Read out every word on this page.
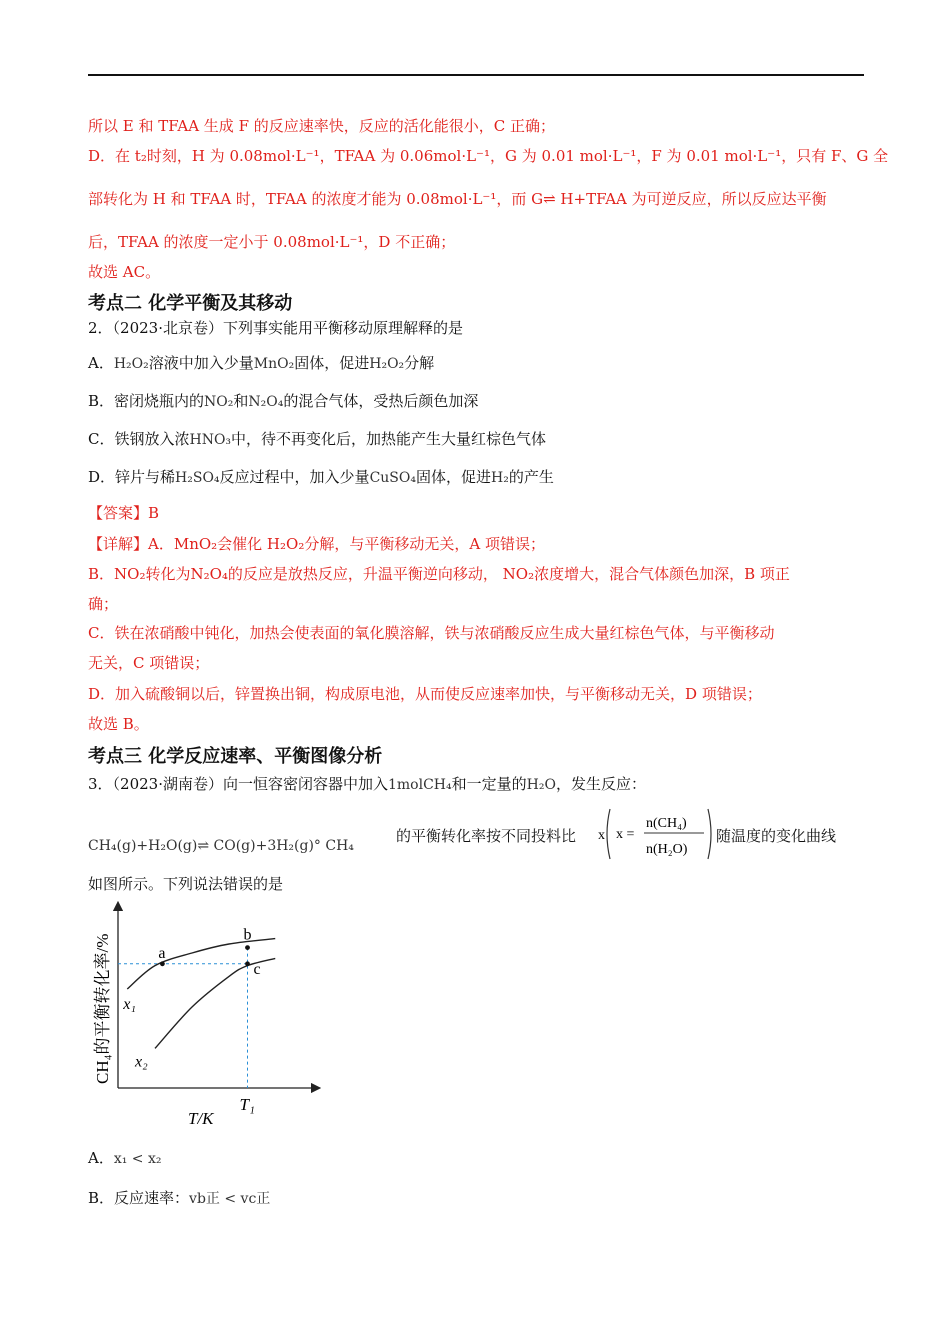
所以 E 和 TFAA 生成 F 的反应速率快，反应的活化能很小，C 正确；
D．在 t₂时刻，H 为 0.08mol·L⁻¹，TFAA 为 0.06mol·L⁻¹，G 为 0.01 mol·L⁻¹，F 为 0.01 mol·L⁻¹，只有 F、G 全
部转化为 H 和 TFAA 时，TFAA 的浓度才能为 0.08mol·L⁻¹，而 G⇌ H+TFAA 为可逆反应，所以反应达平衡
后，TFAA 的浓度一定小于 0.08mol·L⁻¹，D 不正确；
故选 AC。
考点二 化学平衡及其移动
2．（2023·北京卷）下列事实能用平衡移动原理解释的是
A．H₂O₂溶液中加入少量MnO₂固体，促进H₂O₂分解
B．密闭烧瓶内的NO₂和N₂O₄的混合气体，受热后颜色加深
C．铁钢放入浓HNO₃中，待不再变化后，加热能产生大量红棕色气体
D．锌片与稀H₂SO₄反应过程中，加入少量CuSO₄固体，促进H₂的产生
【答案】B
【详解】A．MnO₂会催化 H₂O₂分解，与平衡移动无关，A 项错误；
B．NO₂转化为N₂O₄的反应是放热反应，升温平衡逆向移动， NO₂浓度增大，混合气体颜色加深，B 项正
确；
C．铁在浓硝酸中钝化，加热会使表面的氧化膜溶解，铁与浓硝酸反应生成大量红棕色气体，与平衡移动
无关，C 项错误；
D．加入硫酸铜以后，锌置换出铜，构成原电池，从而使反应速率加快，与平衡移动无关，D 项错误；
故选 B。
考点三 化学反应速率、平衡图像分析
3．（2023·湖南卷）向一恒容密闭容器中加入1molCH₄和一定量的H₂O，发生反应：
CH₄(g)+H₂O(g)⇌ CO(g)+3H₂(g)° CH₄
的平衡转化率按不同投料比 x x =
n(CH₄)
n(H₂O)
随温度的变化曲线
如图所示。下列说法错误的是
CH₄的平衡转化率/%
T/K
T₁
x₁
x₂
a
b
c
A．x₁ < x₂
B．反应速率：vb正 < vc正
